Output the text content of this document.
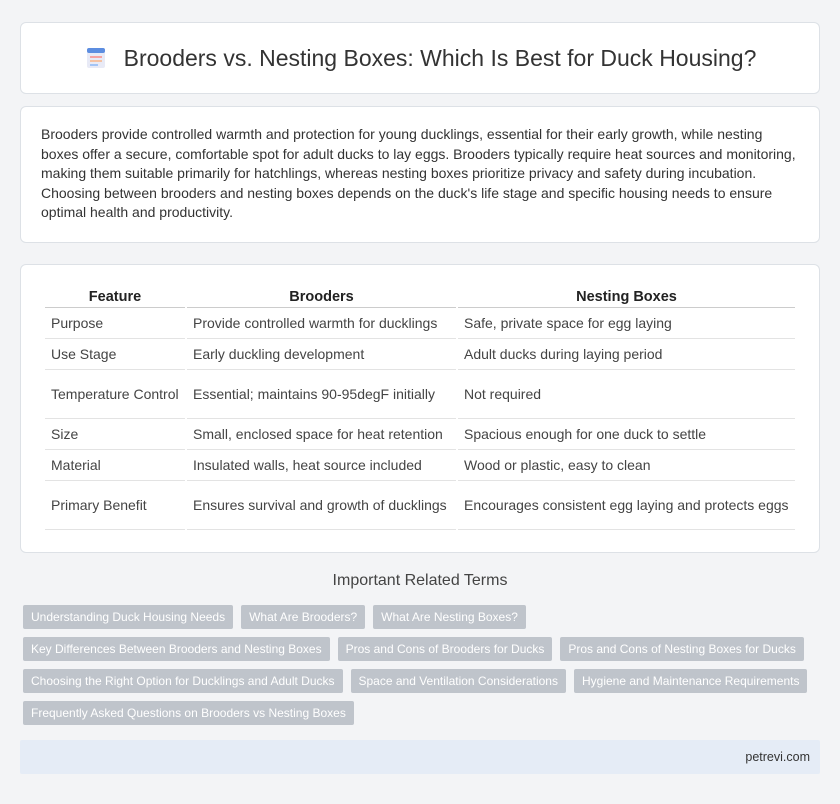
Brooders vs. Nesting Boxes: Which Is Best for Duck Housing?

Brooders provide controlled warmth and protection for young ducklings, essential for their early growth, while nesting boxes offer a secure, comfortable spot for adult ducks to lay eggs. Brooders typically require heat sources and monitoring, making them suitable primarily for hatchlings, whereas nesting boxes prioritize privacy and safety during incubation. Choosing between brooders and nesting boxes depends on the duck's life stage and specific housing needs to ensure optimal health and productivity.

Feature	Brooders	Nesting Boxes
Purpose	Provide controlled warmth for ducklings	Safe, private space for egg laying
Use Stage	Early duckling development	Adult ducks during laying period
Temperature Control	Essential; maintains 90-95degF initially	Not required
Size	Small, enclosed space for heat retention	Spacious enough for one duck to settle
Material	Insulated walls, heat source included	Wood or plastic, easy to clean
Primary Benefit	Ensures survival and growth of ducklings	Encourages consistent egg laying and protects eggs
Important Related Terms
Understanding Duck Housing Needs	What Are Brooders?	What Are Nesting Boxes?
Key Differences Between Brooders and Nesting Boxes	Pros and Cons of Brooders for Ducks	Pros and Cons of Nesting Boxes for Ducks
Choosing the Right Option for Ducklings and Adult Ducks	Space and Ventilation Considerations	Hygiene and Maintenance Requirements
Frequently Asked Questions on Brooders vs Nesting Boxes
petrevi.com
